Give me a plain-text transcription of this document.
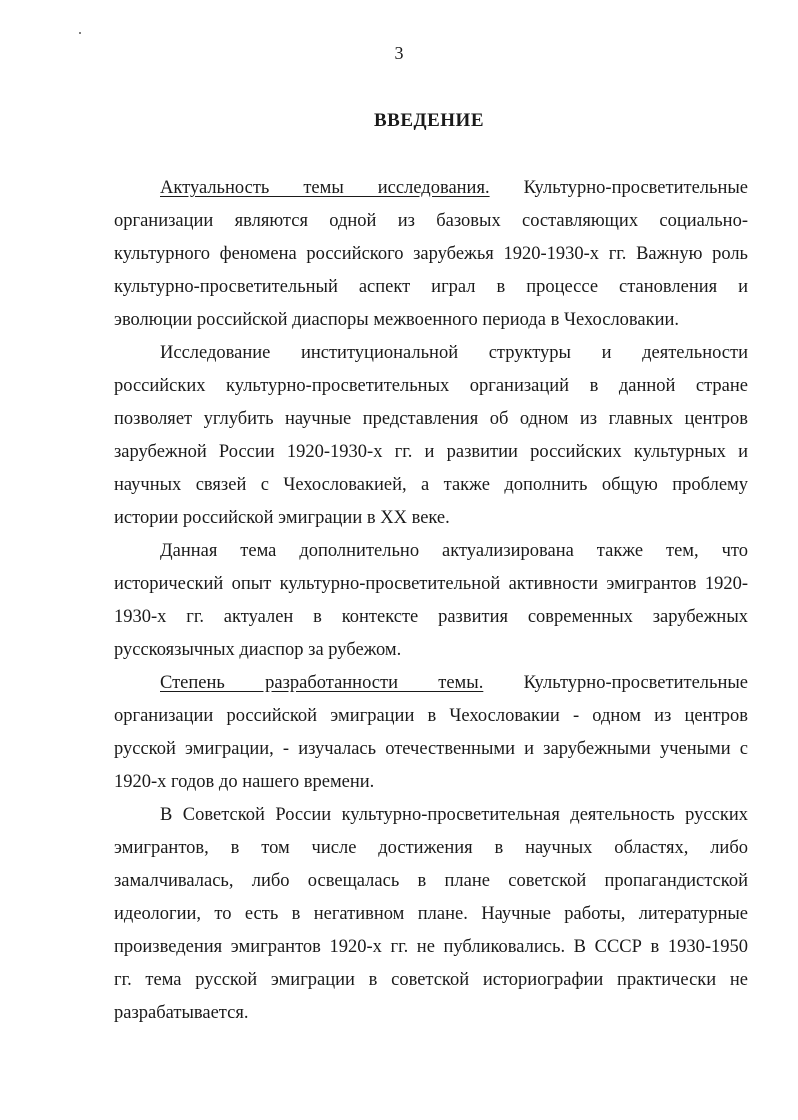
3
ВВЕДЕНИЕ
Актуальность темы исследования. Культурно-просветительные
организации являются одной из базовых составляющих социально-
культурного феномена российского зарубежья 1920-1930-х гг. Важную роль
культурно-просветительный аспект играл в процессе становления и
эволюции российской диаспоры межвоенного периода в Чехословакии.
Исследование институциональной структуры и деятельности
российских культурно-просветительных организаций в данной стране
позволяет углубить научные представления об одном из главных центров
зарубежной России 1920-1930-х гг. и развитии российских культурных и
научных связей с Чехословакией, а также дополнить общую проблему
истории российской эмиграции в XX веке.
Данная тема дополнительно актуализирована также тем, что
исторический опыт культурно-просветительной активности эмигрантов 1920-
1930-х гг. актуален в контексте развития современных зарубежных
русскоязычных диаспор за рубежом.
Степень разработанности темы. Культурно-просветительные
организации российской эмиграции в Чехословакии - одном из центров
русской эмиграции, - изучалась отечественными и зарубежными учеными с
1920-х годов до нашего времени.
В Советской России культурно-просветительная деятельность русских
эмигрантов, в том числе достижения в научных областях, либо
замалчивалась, либо освещалась в плане советской пропагандистской
идеологии, то есть в негативном плане. Научные работы, литературные
произведения эмигрантов 1920-х гг. не публиковались. В СССР в 1930-1950
гг. тема русской эмиграции в советской историографии практически не
разрабатывается.
